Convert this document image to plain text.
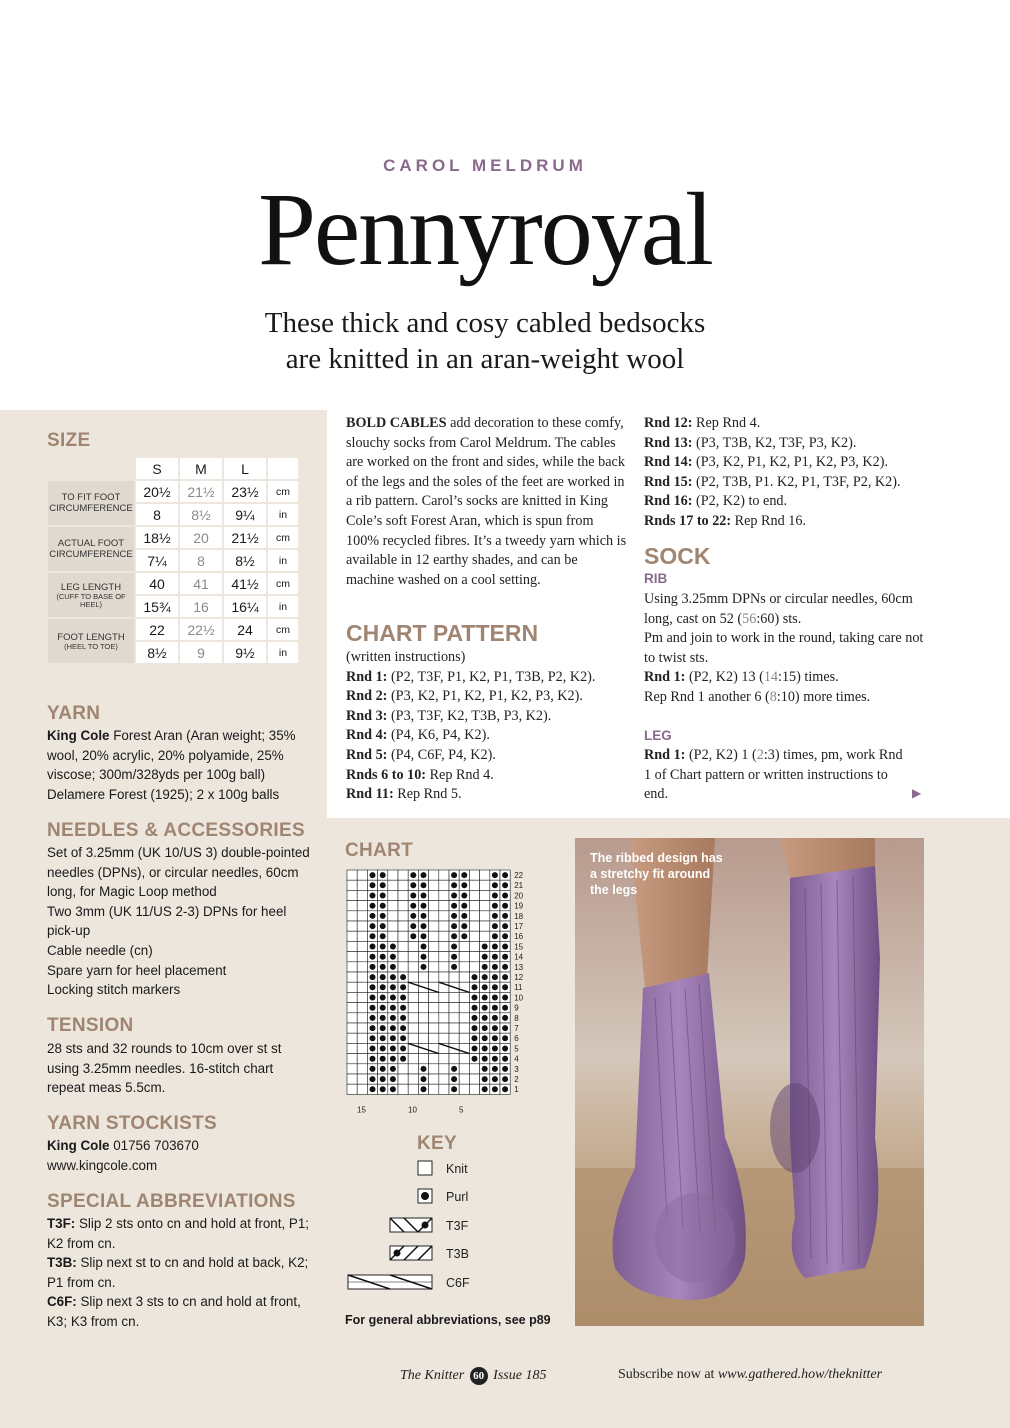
CAROL MELDRUM
Pennyroyal
These thick and cosy cabled bedsocks
are knitted in an aran-weight wool
SIZE
	S	M	L	
TO FIT FOOT CIRCUMFERENCE	20½	21½	23½	cm
	8	8½	9¼	in
ACTUAL FOOT CIRCUMFERENCE	18½	20	21½	cm
	7¼	8	8½	in
LEG LENGTH
(CUFF TO BASE OF HEEL)	40	41	41½	cm
	15¾	16	16¼	in
FOOT LENGTH
(HEEL TO TOE)	22	22½	24	cm
	8½	9	9½	in
YARN
King Cole Forest Aran (Aran weight; 35% wool, 20% acrylic, 20% polyamide, 25% viscose; 300m/328yds per 100g ball) Delamere Forest (1925); 2 x 100g balls
NEEDLES & ACCESSORIES
Set of 3.25mm (UK 10/US 3) double-pointed needles (DPNs), or circular needles, 60cm long, for Magic Loop method
Two 3mm (UK 11/US 2-3) DPNs for heel pick-up
Cable needle (cn)
Spare yarn for heel placement
Locking stitch markers
TENSION
28 sts and 32 rounds to 10cm over st st using 3.25mm needles. 16-stitch chart repeat meas 5.5cm.
YARN STOCKISTS
King Cole 01756 703670
www.kingcole.com
SPECIAL ABBREVIATIONS
T3F: Slip 2 sts onto cn and hold at front, P1; K2 from cn.
T3B: Slip next st to cn and hold at back, K2; P1 from cn.
C6F: Slip next 3 sts to cn and hold at front, K3; K3 from cn.
BOLD CABLES add decoration to these comfy, slouchy socks from Carol Meldrum. The cables are worked on the front and sides, while the back of the legs and the soles of the feet are worked in a rib pattern. Carol’s socks are knitted in King Cole’s soft Forest Aran, which is spun from 100% recycled fibres. It’s a tweedy yarn which is available in 12 earthy shades, and can be machine washed on a cool setting.
CHART PATTERN
(written instructions)
Rnd 1: (P2, T3F, P1, K2, P1, T3B, P2, K2).
Rnd 2: (P3, K2, P1, K2, P1, K2, P3, K2).
Rnd 3: (P3, T3F, K2, T3B, P3, K2).
Rnd 4: (P4, K6, P4, K2).
Rnd 5: (P4, C6F, P4, K2).
Rnds 6 to 10: Rep Rnd 4.
Rnd 11: Rep Rnd 5.
Rnd 12: Rep Rnd 4.
Rnd 13: (P3, T3B, K2, T3F, P3, K2).
Rnd 14: (P3, K2, P1, K2, P1, K2, P3, K2).
Rnd 15: (P2, T3B, P1. K2, P1, T3F, P2, K2).
Rnd 16: (P2, K2) to end.
Rnds 17 to 22: Rep Rnd 16.
SOCK
RIB
Using 3.25mm DPNs or circular needles, 60cm long, cast on 52 (56:60) sts.
Pm and join to work in the round, taking care not to twist sts.
Rnd 1: (P2, K2) 13 (14:15) times.
Rep Rnd 1 another 6 (8:10) more times.
LEG
Rnd 1: (P2, K2) 1 (2:3) times, pm, work Rnd 1 of Chart pattern or written instructions to end.	▶
CHART
22
21
20
19
18
17
16
15
14
13
12
11
10
9
8
7
6
5
4
3
2
1
15	10	5
KEY
Knit
Purl
T3F
T3B
C6F
For general abbreviations, see p89
The ribbed design has a stretchy fit around the legs
The Knitter 60 Issue 185	Subscribe now at www.gathered.how/theknitter
